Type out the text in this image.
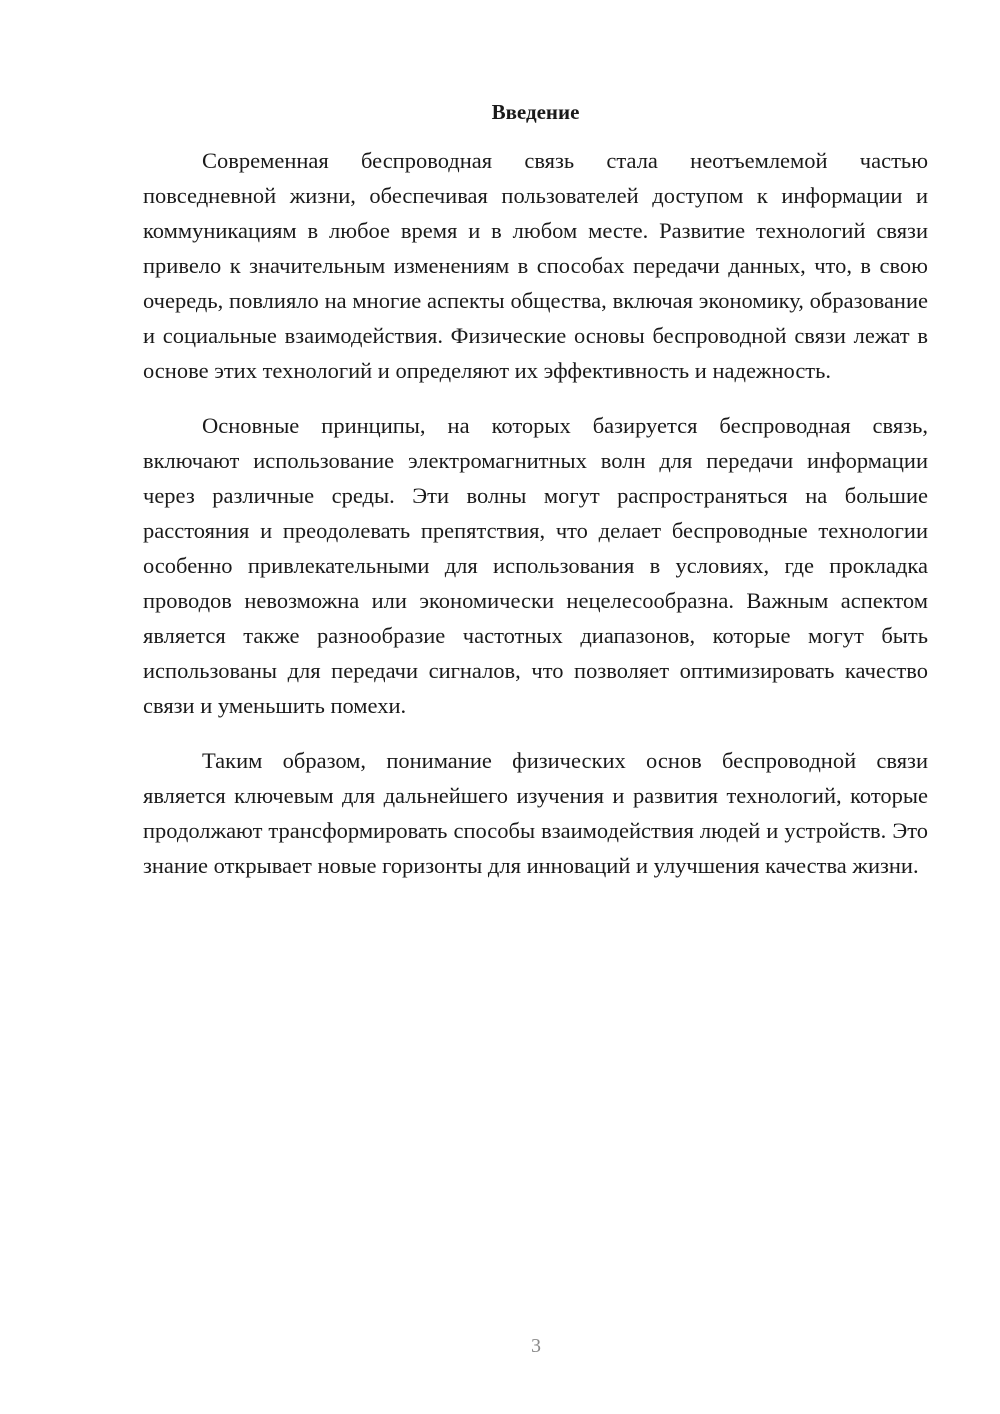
Введение

Современная беспроводная связь стала неотъемлемой частью повседневной жизни, обеспечивая пользователей доступом к информации и коммуникациям в любое время и в любом месте. Развитие технологий связи привело к значительным изменениям в способах передачи данных, что, в свою очередь, повлияло на многие аспекты общества, включая экономику, образование и социальные взаимодействия. Физические основы беспроводной связи лежат в основе этих технологий и определяют их эффективность и надежность.

Основные принципы, на которых базируется беспроводная связь, включают использование электромагнитных волн для передачи информации через различные среды. Эти волны могут распространяться на большие расстояния и преодолевать препятствия, что делает беспроводные технологии особенно привлекательными для использования в условиях, где прокладка проводов невозможна или экономически нецелесообразна. Важным аспектом является также разнообразие частотных диапазонов, которые могут быть использованы для передачи сигналов, что позволяет оптимизировать качество связи и уменьшить помехи.

Таким образом, понимание физических основ беспроводной связи является ключевым для дальнейшего изучения и развития технологий, которые продолжают трансформировать способы взаимодействия людей и устройств. Это знание открывает новые горизонты для инноваций и улучшения качества жизни.

3
